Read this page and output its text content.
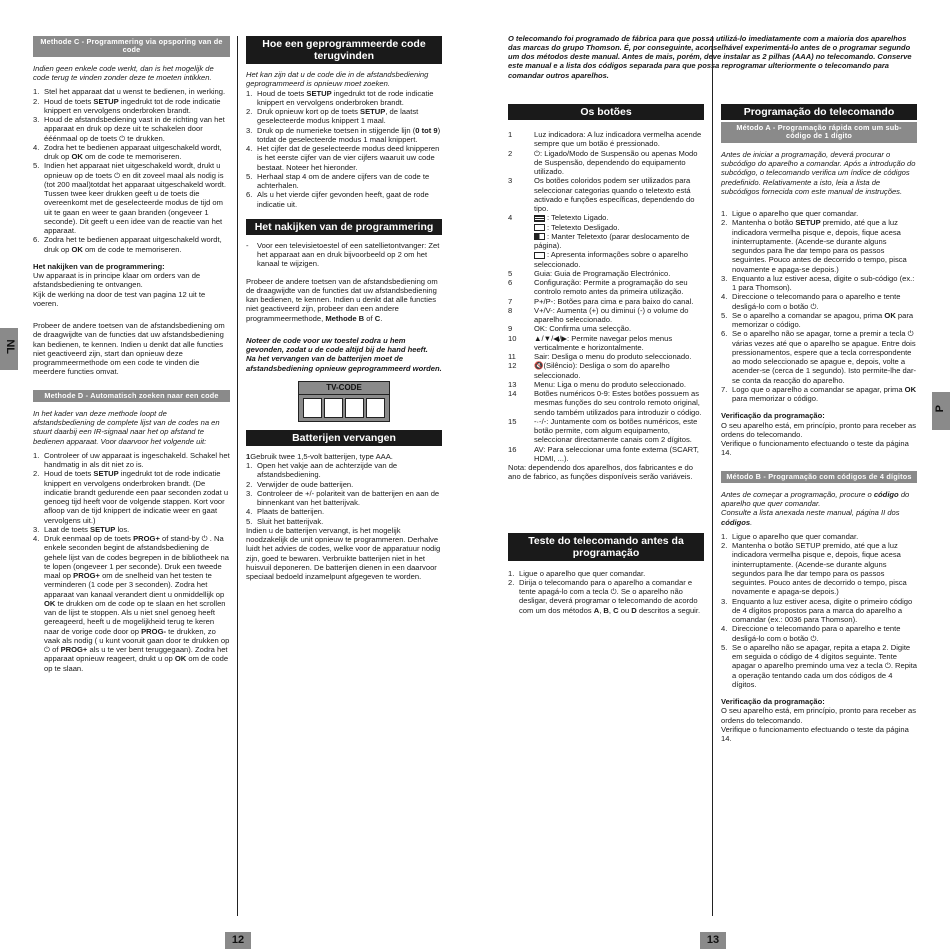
NL
P
12	13
Methode C - Programmering via opsporing van de code

Indien geen enkele code werkt, dan is het mogelijk de code terug te vinden zonder deze te moeten intikken.

1. Stel het apparaat dat u wenst te bedienen, in werking.
2. Houd de toets SETUP ingedrukt tot de rode indicatie knippert en vervolgens onderbroken brandt.
3. Houd de afstandsbediening vast in de richting van het apparaat en druk op deze uit te schakelen door ééénmaal op de toets ⏻ te drukken.
4. Zodra het te bedienen apparaat uitgeschakeld wordt, druk op OK om de code te memoriseren.
5. Indien het apparaat niet uitgeschakeld wordt, drukt u opnieuw op de toets ⏻ en dit zoveel maal als nodig is (tot 200 maal)totdat het apparaat uitgeschakeld wordt. Tussen twee keer drukken geeft u de toets die overeenkomt met de geselecteerde modus de tijd om uit te gaan en weer te gaan branden (ongeveer 1 seconde). Dit geeft u een idee van de reactie van het apparaat.
6. Zodra het te bedienen apparaat uitgeschakeld wordt, druk op OK om de code te memoriseren.

Het nakijken van de programmering:

Uw apparaat is in principe klaar om orders van de afstandsbediening te ontvangen.

Kijk de werking na door de test van pagina 12 uit te voeren.

Probeer de andere toetsen van de afstandsbediening om de draagwijdte van de functies dat uw afstandsbediening kan bedienen, te kennen. Indien u denkt dat alle functies niet geactiveerd zijn, start dan opnieuw deze programmeermethode om een code te vinden die meerdere functies omvat.

Methode D - Automatisch zoeken naar een code

In het kader van deze methode loopt de afstandsbediening de complete lijst van de codes na en stuurt daarbij een IR-signaal naar het op afstand te bedienen apparaat. Voor daarvoor het volgende uit:

1. Controleer of uw apparaat is ingeschakeld. Schakel het handmatig in als dit niet zo is.
2. Houd de toets SETUP ingedrukt tot de rode indicatie knippert en vervolgens onderbroken brandt. (De indicatie brandt gedurende een paar seconden zodat u genoeg tijd heeft voor de volgende stappen. Kort voor afloop van de tijd knippert de indicatie weer en gaat vervolgens uit.)
3. Laat de toets SETUP los.
4. Druk eenmaal op de toets PROG+ of stand-by ⏻ . Na enkele seconden begint de afstandsbediening de gehele lijst van de codes begrepen in de bibliotheek na te lopen (ongeveer 1 per seconde). Druk een tweede maal op PROG+ om de snelheid van het testen te verminderen (1 code per 3 seconden). Zodra het apparaat van kanaal verandert dient u onmiddellijk op OK te drukken om de code op te slaan en het scrollen van de lijst te stoppen. Als u niet snel genoeg heeft gereageerd, heeft u de mogelijkheid terug te keren naar de vorige code door op PROG- te drukken, zo vaak als nodig ( u kunt vooruit gaan door te drukken op ⏻ of PROG+ als u te ver bent teruggegaan). Zodra het apparaat opnieuw reageert, drukt u op OK om de code op te slaan.
Hoe een geprogrammeerde code terugvinden

Het kan zijn dat u de code die in de afstandsbediening geprogrammeerd is opnieuw moet zoeken.

1. Houd de toets SETUP ingedrukt tot de rode indicatie knippert en vervolgens onderbroken brandt.
2. Druk opnieuw kort op de toets SETUP, de laatst geselecteerde modus knippert 1 maal.
3. Druk op de numerieke toetsen in stijgende lijn (0 tot 9) totdat de geselecteerde modus 1 maal knippert.
4. Het cijfer dat de geselecteerde modus deed knipperen is het eerste cijfer van de vier cijfers waaruit uw code bestaat. Noteer het hieronder.
5. Herhaal stap 4 om de andere cijfers van de code te achterhalen.
6. Als u het vierde cijfer gevonden heeft, gaat de rode indicatie uit.
Het nakijken van de programmering
- Voor een televisietoestel of een satellietontvanger: Zet het apparaat aan en druk bijvoorbeeld op 2 om het kanaal te wijzigen.

Probeer de andere toetsen van de afstandsbediening om de draagwijdte van de functies dat uw afstandsbediening kan bedienen, te kennen. Indien u denkt dat alle functies niet geactiveerd zijn, probeer dan een andere programmeermethode, Methode B of C.

Noteer de code voor uw toestel zodra u hem gevonden, zodat u de code altijd bij de hand heeft.

Na het vervangen van de batterijen moet de afstandsbediening opnieuw geprogrammeerd worden.

TV-CODE
Batterijen vervangen

1Gebruik twee 1,5-volt batterijen, type AAA.

1. Open het vakje aan de achterzijde van de afstandsbediening.
2. Verwijder de oude batterijen.
3. Controleer de +/- polariteit van de batterijen en aan de binnenkant van het batterijvak.
4. Plaats de batterijen.
5. Sluit het batterijvak.

Indien u de batterijen vervangt, is het mogelijk noodzakelijk de unit opnieuw te programmeren. Derhalve luidt het advies de codes, welke voor de apparatuur nodig zijn, goed te bewaren. Verbruikte batterijen niet in het huisvuil deponeren. De batterijen dienen in een daarvoor speciaal bedoeld inzamelpunt afgegeven te worden.

O telecomando foi programado de fábrica para que possa utilizá-lo imediatamente com a maioria dos aparelhos das marcas do grupo Thomson. É, por conseguinte, aconselhável experimentá-lo antes de o programar segundo um dos métodos deste manual. Antes de mais, porém, deve instalar as 2 pilhas (AAA) no telecomando. Conserve este manual e a lista dos códigos separada para que possa reprogramar ulteriormente o telecomando para comandar outros aparelhos.

Os botões
1	Luz indicadora: A luz indicadora vermelha acende sempre que um botão é pressionado.
2	⏻: Ligado/Modo de Suspensão ou apenas Modo de Suspensão, dependendo do equipamento utilizado.
3	Os botões coloridos podem ser utilizados para seleccionar categorias quando o teletexto está activado e funções específicas, dependendo do tipo.
4	: Teletexto Ligado.
: Teletexto Desligado.
: Manter Teletexto (parar deslocamento de página).
: Apresenta informações sobre o aparelho seleccionado.
5	Guia: Guia de Programação Electrónico.
6	Configuração: Permite a programação do seu controlo remoto antes da primeira utilização.
7	P+/P-: Botões para cima e para baixo do canal.
8	V+/V-: Aumenta (+) ou diminui (-) o volume do aparelho seleccionado.
9	OK: Confirma uma selecção.
10 ▲/▼/◀/▶: Permite navegar pelos menus verticalmente e horizontalmente.
11 Sair: Desliga o menu do produto seleccionado.
12 🔇(Silêncio): Desliga o som do aparelho seleccionado.
13 Menu: Liga o menu do produto seleccionado.
14 Botões numéricos 0-9: Estes botões possuem as mesmas funções do seu controlo remoto original, sendo também utilizados para introduzir o código.
15 -·-/-: Juntamente com os botões numéricos, este botão permite, com algum equipamento, seleccionar directamente canais com 2 dígitos.
16 AV: Para seleccionar uma fonte externa (SCART, HDMI, ...).

Nota: dependendo dos aparelhos, dos fabricantes e do ano de fabrico, as funções disponíveis serão variáveis.

Teste do telecomando antes da programação
1. Ligue o aparelho que quer comandar.
2. Dirija o telecomando para o aparelho a comandar e tente apagá-lo com a tecla ⏻. Se o aparelho não desligar, deverá programar o telecomando de acordo com um dos métodos A, B, C ou D descritos a seguir.
Programação do telecomando
Método A - Programação rápida com um sub-código de 1 dígito

Antes de iniciar a programação, deverá procurar o subcódigo do aparelho a comandar. Após a introdução do subcódigo, o telecomando verifica um índice de códigos predefinido. Relativamente a isto, leia a lista de subcódigos fornecida com este manual de instruções.

1. Ligue o aparelho que quer comandar.
2. Mantenha o botão SETUP premido, até que a luz indicadora vermelha pisque e, depois, fique acesa ininterruptamente. (Acende-se durante alguns segundos para lhe dar tempo para os passos seguintes. Pouco antes de decorrido o tempo, pisca novamente e apaga-se depois.)
3. Enquanto a luz estiver acesa, digite o sub-código (ex.: 1 para Thomson).
4. Direccione o telecomando para o aparelho e tente desligá-lo com o botão ⏻.
5. Se o aparelho a comandar se apagou, prima OK para memorizar o código.
6. Se o aparelho não se apagar, torne a premir a tecla ⏻ várias vezes até que o aparelho se apague. Entre dois pressionamentos, espere que a tecla correspondente ao modo seleccionado se apague e, depois, volte a acender-se (cerca de 1 segundo). Isto permite-lhe dar-se conta da reacção do aparelho.
7. Logo que o aparelho a comandar se apagar, prima OK para memorizar o código.

Verificação da programação:

O seu aparelho está, em princípio, pronto para receber as ordens do telecomando.

Verifique o funcionamento efectuando o teste da página 14.

Método B - Programação com códigos de 4 dígitos

Antes de começar a programação, procure o código do aparelho que quer comandar.

Consulte a lista anexada neste manual, página II dos códigos.

1. Ligue o aparelho que quer comandar.
2. Mantenha o botão SETUP premido, até que a luz indicadora vermelha pisque e, depois, fique acesa ininterruptamente. (Acende-se durante alguns segundos para lhe dar tempo para os passos seguintes. Pouco antes de decorrido o tempo, pisca novamente e apaga-se depois.)
3. Enquanto a luz estiver acesa, digite o primeiro código de 4 dígitos propostos para a marca do aparelho a comandar (ex.: 0036 para Thomson).
4. Direccione o telecomando para o aparelho e tente desligá-lo com o botão ⏻.
5. Se o aparelho não se apagar, repita a etapa 2. Digite em seguida o código de 4 dígitos seguinte. Tente apagar o aparelho premindo uma vez a tecla ⏻. Repita a operação tentando cada um dos códigos de 4 dígitos.

Verificação da programação:

O seu aparelho está, em princípio, pronto para receber as ordens do telecomando.

Verifique o funcionamento efectuando o teste da página 14.
